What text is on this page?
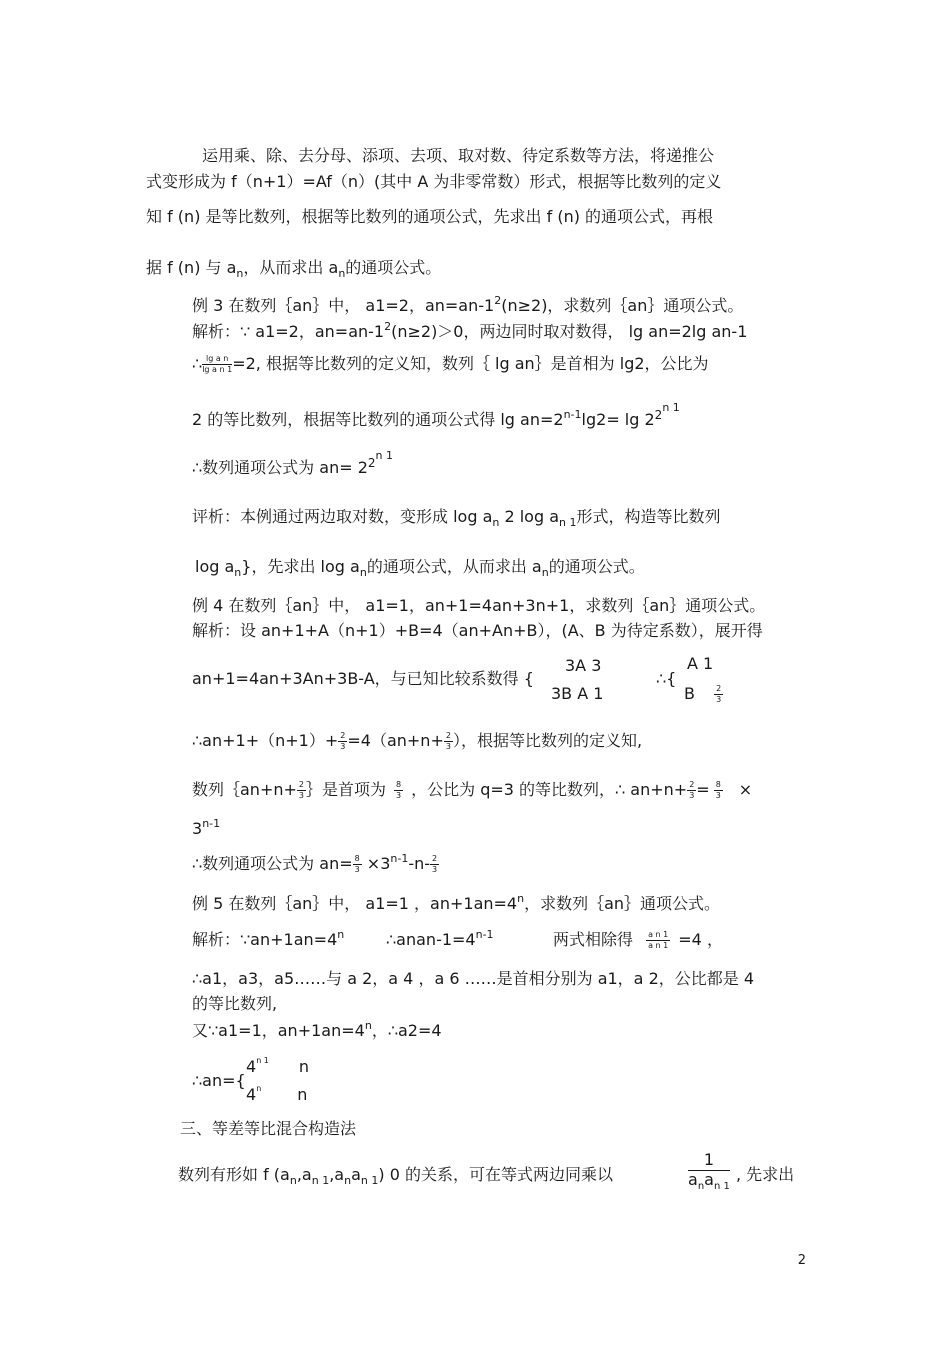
运用乘、除、去分母、添项、去项、取对数、待定系数等方法，将递推公
式变形成为 f（n+1）=Af（n）(其中 A 为非零常数）形式，根据等比数列的定义
知 f (n) 是等比数列，根据等比数列的通项公式，先求出 f (n) 的通项公式，再根
据 f (n) 与 $a_n$，从而求出 $a_n$的通项公式。
例 3 在数列｛an｝中， a1=2，$an=an-1^2(n\ge 2)$，求数列｛an｝通项公式。
解析：∵ a1=2，$an=an-1^2(n\ge 2)>0$，两边同时取对数得， lg an=2lg an-1
∴ $\frac{\text{lg a n}}{\text{lg a n 1}} =2$, 根据等比数列的定义知，数列｛ lg an｝是首相为 lg2，公比为
2 的等比数列，根据等比数列的通项公式得 $\lg an=2^{n-1}\lg 2= \lg 2^{2n 1}$
∴数列通项公式为 $an= 2^{2n 1}$
评析：本例通过两边取对数，变形成 $\log a_n$ 2 $\log a_{n 1}$形式，构造等比数列
$\log a_n$}，先求出 $\log a_n$的通项公式，从而求出 $a_n$的通项公式。
例 4 在数列｛an｝中， a1=1，an+1=4an+3n+1，求数列｛an｝通项公式。
解析：设 an+1+A（n+1）+B=4（an+An+B），(A、B 为待定系数），展开得
an+1=4an+3An+3B-A，与已知比较系数得 {
3A 3
3B A 1
∴{
A 1
B $\frac{2}{3}$
∴an+1+（n+1）+ $\frac{2}{3} =4(an+n+ \frac{2}{3}$ ），根据等比数列的定义知,
数列｛an+n+ $\frac{2}{3}$ ｝是首项为 $\frac{8}{3}$ ，公比为 q=3 的等比数列，∴ $an+n+ \frac{2}{3} = \frac{8}{3}$ ×
$3^{n-1}$
∴数列通项公式为 $an= \frac{8}{3} \times 3^{n-1}-n- \frac{2}{3}$
例 5 在数列｛an｝中， a1=1 ，$an+1an=4^n$，求数列｛an｝通项公式。
解析：$\because an+1an=4^n$	$\therefore anan-1=4^{n-1}$	两式相除得 $\frac{\text{a n 1}}{\text{a n 1}} =4$ ，
∴a1，a3，a5……与 a 2，a 4 ，a 6 ……是首相分别为 a1，a 2，公比都是 4
的等比数列,
又∵a1=1，$an+1an=4^n$，∴a2=4
∴an={
$4^{n 1}$ n
4$^n$ n
三、等差等比混合构造法
数列有形如 f $(a_n,a_{n 1},a_na_{n 1})$ 0 的关系，可在等式两边同乘以	$\frac{1}{a_na_{n 1}}$ , 先求出
2
